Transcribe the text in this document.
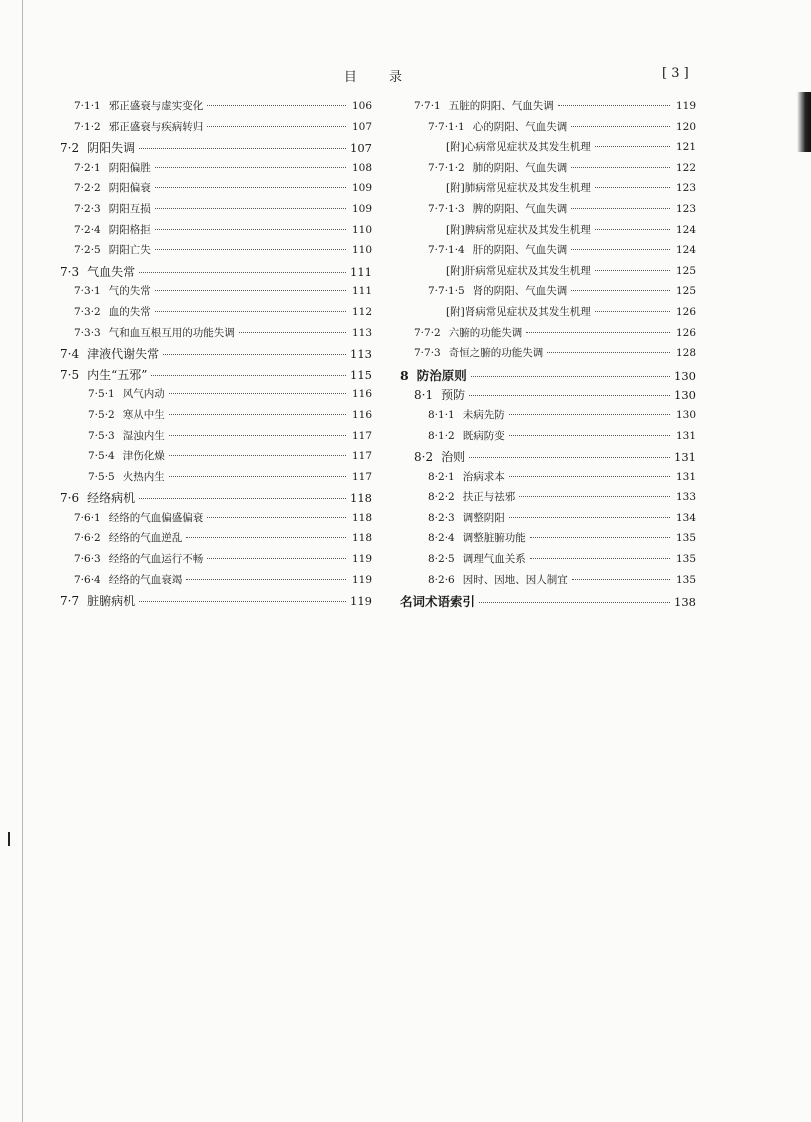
目 录	[ 3 ]
7·1·1 邪正盛衰与虚实变化	106
7·1·2 邪正盛衰与疾病转归	107
7·2 阴阳失调	107
7·2·1 阴阳偏胜	108
7·2·2 阴阳偏衰	109
7·2·3 阴阳互损	109
7·2·4 阴阳格拒	110
7·2·5 阴阳亡失	110
7·3 气血失常	111
7·3·1 气的失常	111
7·3·2 血的失常	112
7·3·3 气和血互根互用的功能失调	113
7·4 津液代谢失常	113
7·5 内生“五邪”	115
7·5·1 风气内动	116
7·5·2 寒从中生	116
7·5·3 湿浊内生	117
7·5·4 津伤化燥	117
7·5·5 火热内生	117
7·6 经络病机	118
7·6·1 经络的气血偏盛偏衰	118
7·6·2 经络的气血逆乱	118
7·6·3 经络的气血运行不畅	119
7·6·4 经络的气血衰竭	119
7·7 脏腑病机	119
7·7·1 五脏的阴阳、气血失调	119
7·7·1·1 心的阴阳、气血失调	120
[附]心病常见症状及其发生机理	121
7·7·1·2 肺的阴阳、气血失调	122
[附]肺病常见症状及其发生机理	123
7·7·1·3 脾的阴阳、气血失调	123
[附]脾病常见症状及其发生机理	124
7·7·1·4 肝的阴阳、气血失调	124
[附]肝病常见症状及其发生机理	125
7·7·1·5 肾的阴阳、气血失调	125
[附]肾病常见症状及其发生机理	126
7·7·2 六腑的功能失调	126
7·7·3 奇恒之腑的功能失调	128
8 防治原则	130
8·1 预防	130
8·1·1 未病先防	130
8·1·2 既病防变	131
8·2 治则	131
8·2·1 治病求本	131
8·2·2 扶正与祛邪	133
8·2·3 调整阴阳	134
8·2·4 调整脏腑功能	135
8·2·5 调理气血关系	135
8·2·6 因时、因地、因人制宜	135
名词术语索引	138
